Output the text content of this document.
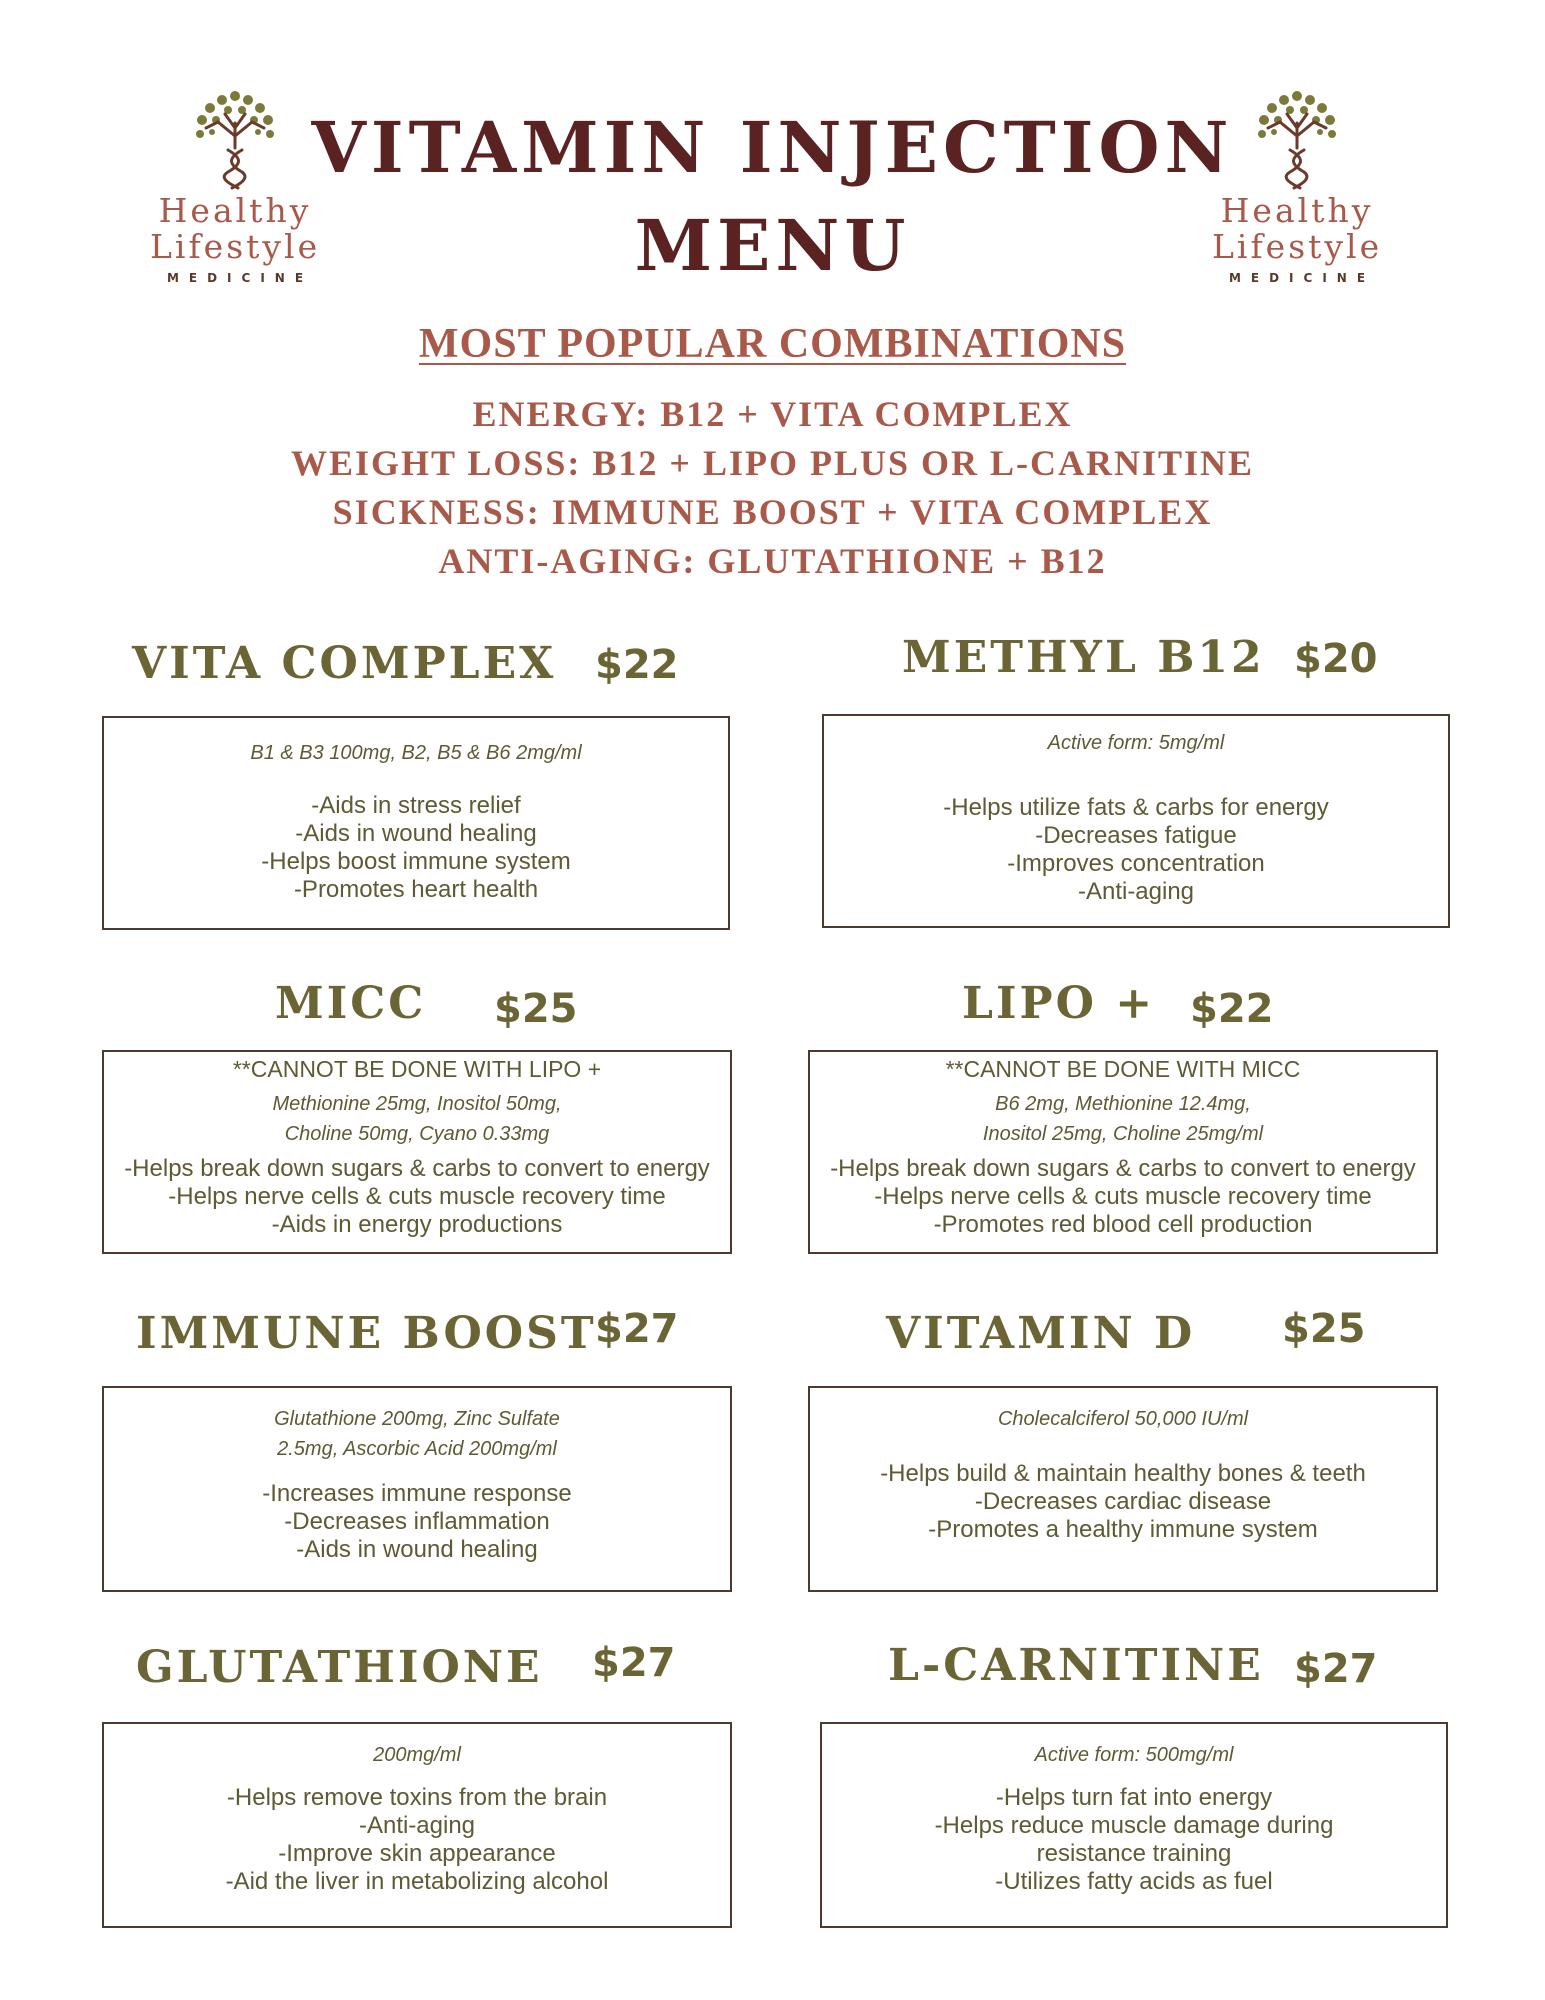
Healthy
Lifestyle
MEDICINE
Healthy
Lifestyle
MEDICINE
VITAMIN INJECTION
MENU
MOST POPULAR COMBINATIONS
ENERGY: B12 + VITA COMPLEX
WEIGHT LOSS: B12 + LIPO PLUS OR L-CARNITINE
SICKNESS: IMMUNE BOOST + VITA COMPLEX
ANTI-AGING: GLUTATHIONE + B12
VITA COMPLEX $22
B1 & B3 100mg, B2, B5 & B6 2mg/ml
-Aids in stress relief
-Aids in wound healing
-Helps boost immune system
-Promotes heart health
METHYL B12 $20
Active form: 5mg/ml
-Helps utilize fats & carbs for energy
-Decreases fatigue
-Improves concentration
-Anti-aging
MICC $25
**CANNOT BE DONE WITH LIPO +
Methionine 25mg, Inositol 50mg,
Choline 50mg, Cyano 0.33mg
-Helps break down sugars & carbs to convert to energy
-Helps nerve cells & cuts muscle recovery time
-Aids in energy productions
LIPO + $22
**CANNOT BE DONE WITH MICC
B6 2mg, Methionine 12.4mg,
Inositol 25mg, Choline 25mg/ml
-Helps break down sugars & carbs to convert to energy
-Helps nerve cells & cuts muscle recovery time
-Promotes red blood cell production
IMMUNE BOOST
$27
Glutathione 200mg, Zinc Sulfate
2.5mg, Ascorbic Acid 200mg/ml
-Increases immune response
-Decreases inflammation
-Aids in wound healing
VITAMIN D $25
Cholecalciferol 50,000 IU/ml
-Helps build & maintain healthy bones & teeth
-Decreases cardiac disease
-Promotes a healthy immune system
GLUTATHIONE $27
200mg/ml
-Helps remove toxins from the brain
-Anti-aging
-Improve skin appearance
-Aid the liver in metabolizing alcohol
L-CARNITINE $27
Active form: 500mg/ml
-Helps turn fat into energy
-Helps reduce muscle damage during
resistance training
-Utilizes fatty acids as fuel
